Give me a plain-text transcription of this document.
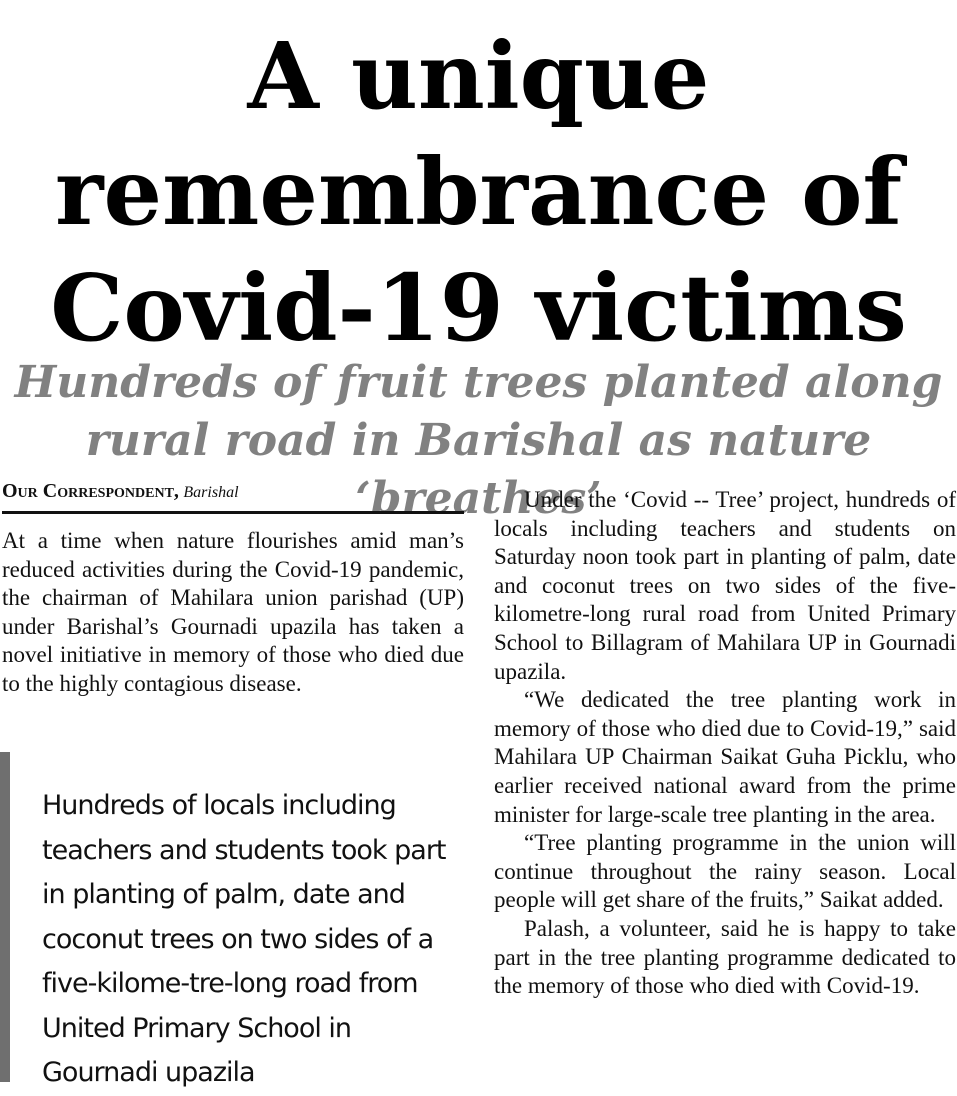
A unique remembrance of Covid-19 victims
Hundreds of fruit trees planted along rural road in Barishal as nature ‘breathes’
Our Correspondent, Barishal

At a time when nature flourishes amid man’s reduced activities during the Covid-19 pandemic, the chairman of Mahilara union parishad (UP) under Barishal’s Gournadi upazila has taken a novel initiative in memory of those who died due to the highly contagious disease.

Hundreds of locals including teachers and students took part in planting of palm, date and coconut trees on two sides of a five-kilome-tre-long road from United Primary School in Gournadi upazila

Under the ‘Covid -- Tree’ project, hundreds of locals including teachers and students on Saturday noon took part in planting of palm, date and coconut trees on two sides of the five-kilometre-long rural road from United Primary School to Billagram of Mahilara UP in Gournadi upazila.

“We dedicated the tree planting work in memory of those who died due to Covid-19,” said Mahilara UP Chairman Saikat Guha Picklu, who earlier received national award from the prime minister for large-scale tree planting in the area.

“Tree planting programme in the union will continue throughout the rainy season. Local people will get share of the fruits,” Saikat added.

Palash, a volunteer, said he is happy to take part in the tree planting programme dedicated to the memory of those who died with Covid-19.
